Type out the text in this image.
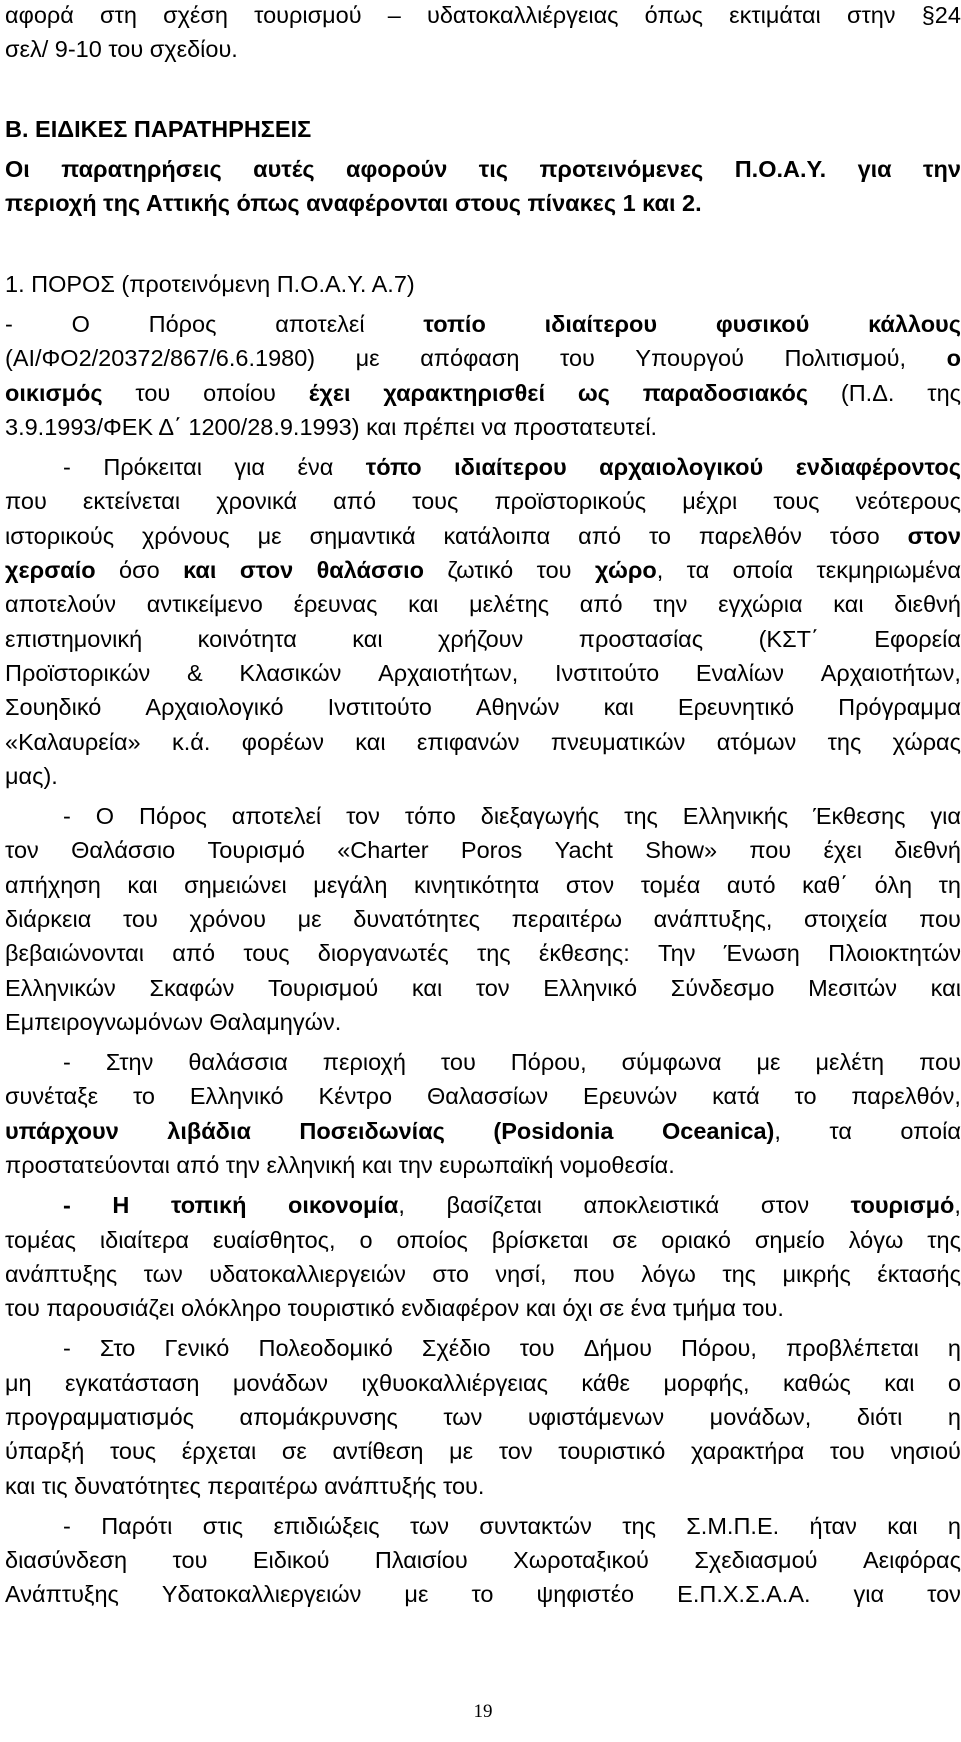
19
αφορά στη σχέση τουρισμού – υδατοκαλλιέργειας όπως εκτιμάται στην §24
σελ/ 9-10 του σχεδίου.
Β. ΕΙΔΙΚΕΣ ΠΑΡΑΤΗΡΗΣΕΙΣ
Οι παρατηρήσεις αυτές αφορούν τις προτεινόμενες Π.Ο.Α.Υ. για την
περιοχή της Αττικής όπως αναφέρονται στους πίνακες 1 και 2.
1. ΠΟΡΟΣ (προτεινόμενη Π.Ο.Α.Υ. Α.7)
-	Ο	Πόρος	αποτελεί	τοπίο	ιδιαίτερου	φυσικού	κάλλους
(ΑΙ/ΦΟ2/20372/867/6.6.1980) με απόφαση του Υπουργού Πολιτισμού, ο
οικισμός του οποίου έχει χαρακτηρισθεί ως παραδοσιακός (Π.Δ. της
3.9.1993/ΦΕΚ Δ΄ 1200/28.9.1993) και πρέπει να προστατευτεί.
- Πρόκειται για ένα τόπο ιδιαίτερου αρχαιολογικού ενδιαφέροντος
που εκτείνεται χρονικά από τους προϊστορικούς μέχρι τους νεότερους
ιστορικούς χρόνους με σημαντικά κατάλοιπα από το παρελθόν τόσο στον
χερσαίο όσο και στον θαλάσσιο ζωτικό του χώρο, τα οποία τεκμηριωμένα
αποτελούν αντικείμενο έρευνας και μελέτης από την εγχώρια και διεθνή
επιστημονική κοινότητα και χρήζουν προστασίας (ΚΣΤ΄ Εφορεία
Προϊστορικών & Κλασικών Αρχαιοτήτων, Ινστιτούτο Εναλίων Αρχαιοτήτων,
Σουηδικό Αρχαιολογικό Ινστιτούτο Αθηνών και Ερευνητικό Πρόγραμμα
«Καλαυρεία» κ.ά. φορέων και επιφανών πνευματικών ατόμων της χώρας
μας).
- Ο Πόρος αποτελεί τον τόπο διεξαγωγής της Ελληνικής Έκθεσης για
τον Θαλάσσιο Τουρισμό «Charter Poros Yacht Show» που έχει διεθνή
απήχηση και σημειώνει μεγάλη κινητικότητα στον τομέα αυτό καθ΄ όλη τη
διάρκεια του χρόνου με δυνατότητες περαιτέρω ανάπτυξης, στοιχεία που
βεβαιώνονται από τους διοργανωτές της έκθεσης: Την Ένωση Πλοιοκτητών
Ελληνικών Σκαφών Τουρισμού και τον Ελληνικό Σύνδεσμο Μεσιτών και
Εμπειρογνωμόνων Θαλαμηγών.
- Στην θαλάσσια περιοχή του Πόρου, σύμφωνα με μελέτη που
συνέταξε το Ελληνικό Κέντρο Θαλασσίων Ερευνών κατά το παρελθόν,
υπάρχουν λιβάδια Ποσειδωνίας (Posidonia Oceanica), τα οποία
προστατεύονται από την ελληνική και την ευρωπαϊκή νομοθεσία.
- Η τοπική οικονομία, βασίζεται αποκλειστικά στον τουρισμό,
τομέας ιδιαίτερα ευαίσθητος, ο οποίος βρίσκεται σε οριακό σημείο λόγω της
ανάπτυξης των υδατοκαλλιεργειών στο νησί, που λόγω της μικρής έκτασής
του παρουσιάζει ολόκληρο τουριστικό ενδιαφέρον και όχι σε ένα τμήμα του.
- Στο Γενικό Πολεοδομικό Σχέδιο του Δήμου Πόρου, προβλέπεται η
μη εγκατάσταση μονάδων ιχθυοκαλλιέργειας κάθε μορφής, καθώς και ο
προγραμματισμός απομάκρυνσης των υφιστάμενων μονάδων, διότι η
ύπαρξή τους έρχεται σε αντίθεση με τον τουριστικό χαρακτήρα του νησιού
και τις δυνατότητες περαιτέρω ανάπτυξής του.
- Παρότι στις επιδιώξεις των συντακτών της Σ.Μ.Π.Ε. ήταν και η
διασύνδεση του Ειδικού Πλαισίου Χωροταξικού Σχεδιασμού Αειφόρας
Ανάπτυξης Υδατοκαλλιεργειών με το ψηφιστέο Ε.Π.Χ.Σ.Α.Α. για τον
